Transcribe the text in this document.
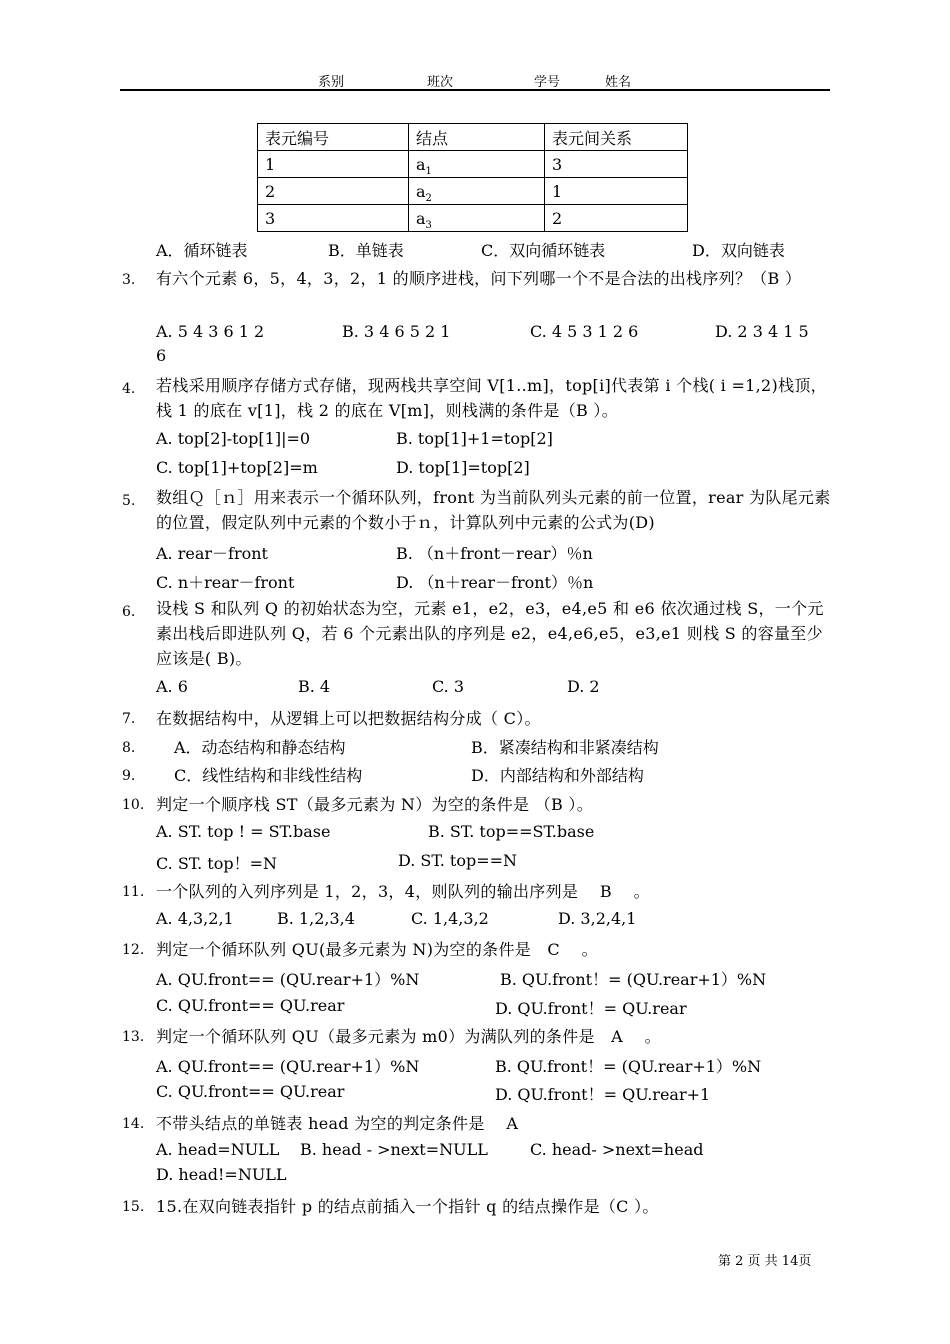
系别	班次	学号	姓名
表元编号	结点	表元间关系
1	$a_1$	3
2	$a_2$	1
3	$a_3$	2
A．循环链表	B．单链表	C．双向循环链表	D．双向链表
3. 有六个元素 6，5，4，3，2，1 的顺序进栈，问下列哪一个不是合法的出栈序列？（B ）
A. 5 4 3 6 1 2	B. 3 4 6 5 2 1	C. 4 5 3 1 2 6	D. 2 3 4 1 5
6
4. 若栈采用顺序存储方式存储，现两栈共享空间 V[1..m]，top[i]代表第 i 个栈( i =1,2)栈顶，栈 1 的底在 v[1]，栈 2 的底在 V[m]，则栈满的条件是（B ）。
A. top[2]-top[1]|=0	B. top[1]+1=top[2]
C. top[1]+top[2]=m	D. top[1]=top[2]
5. 数组Ｑ［ｎ］用来表示一个循环队列，front 为当前队列头元素的前一位置，rear 为队尾元素的位置，假定队列中元素的个数小于ｎ，计算队列中元素的公式为(D)
A. rear－front	B. （n＋front－rear）％n
C. n＋rear－front	D. （n＋rear－front）％n
6. 设栈 S 和队列 Q 的初始状态为空，元素 e1，e2，e3，e4,e5 和 e6 依次通过栈 S，一个元素出栈后即进队列 Q，若 6 个元素出队的序列是 e2，e4,e6,e5，e3,e1 则栈 S 的容量至少应该是( B)。
A. 6	B. 4	C. 3	D. 2
7. 在数据结构中，从逻辑上可以把数据结构分成（ C）。
8. A．动态结构和静态结构	B．紧凑结构和非紧凑结构
9. C．线性结构和非线性结构	D．内部结构和外部结构
10. 判定一个顺序栈 ST（最多元素为 N）为空的条件是 （B ）。
A. ST. top ! = ST.base	B. ST. top==ST.base
C. ST. top！=N	D. ST. top==N
11. 一个队列的入列序列是 1，2，3，4，则队列的输出序列是　 B　 。
A. 4,3,2,1	B. 1,2,3,4	C. 1,4,3,2	D. 3,2,4,1
12. 判定一个循环队列 QU(最多元素为 N)为空的条件是　C　 。
A. QU.front== (QU.rear+1）%N	B. QU.front！= (QU.rear+1）%N
C. QU.front== QU.rear	D. QU.front！= QU.rear
13. 判定一个循环队列 QU（最多元素为 m0）为满队列的条件是　A　 。
A. QU.front== (QU.rear+1）%N	B. QU.front！= (QU.rear+1）%N
C. QU.front== QU.rear	D. QU.front！= QU.rear+1
14. 不带头结点的单链表 head 为空的判定条件是　 A
A. head=NULL B. head - >next=NULL	C. head- >next=head
D. head!=NULL
15. 15.在双向链表指针 p 的结点前插入一个指针 q 的结点操作是（C ）。
第 2 页 共 14页
